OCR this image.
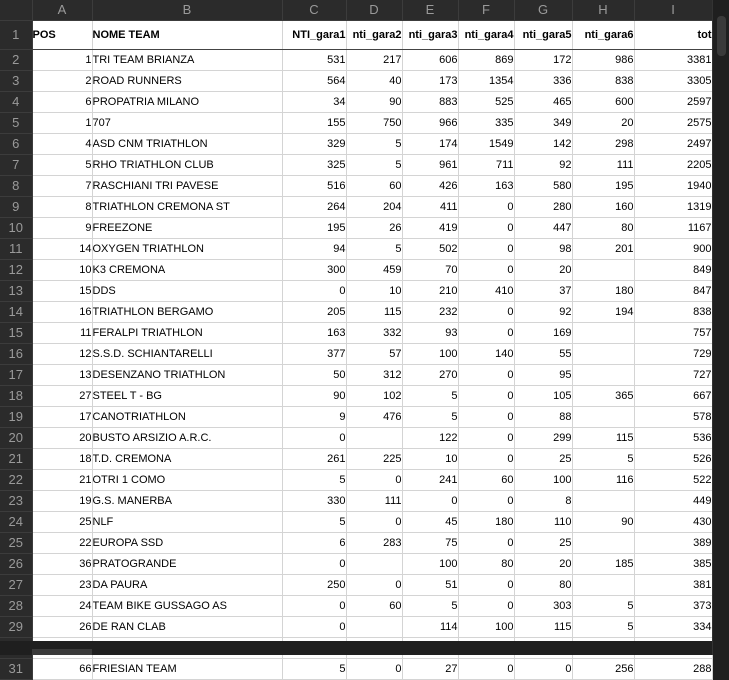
	A	B	C	D	E	F	G	H	I
1	POS	NOME TEAM	NTI_gara1	nti_gara2	nti_gara3	nti_gara4	nti_gara5	nti_gara6	tot
2	1	TRI TEAM BRIANZA	531	217	606	869	172	986	3381
3	2	ROAD RUNNERS	564	40	173	1354	336	838	3305
4	6	PROPATRIA MILANO	34	90	883	525	465	600	2597
5	1	707	155	750	966	335	349	20	2575
6	4	ASD CNM TRIATHLON	329	5	174	1549	142	298	2497
7	5	RHO TRIATHLON CLUB	325	5	961	711	92	111	2205
8	7	RASCHIANI TRI PAVESE	516	60	426	163	580	195	1940
9	8	TRIATHLON CREMONA ST	264	204	411	0	280	160	1319
10	9	FREEZONE	195	26	419	0	447	80	1167
11	14	OXYGEN TRIATHLON	94	5	502	0	98	201	900
12	10	K3 CREMONA	300	459	70	0	20		849
13	15	DDS	0	10	210	410	37	180	847
14	16	TRIATHLON BERGAMO	205	115	232	0	92	194	838
15	11	FERALPI TRIATHLON	163	332	93	0	169		757
16	12	S.S.D. SCHIANTARELLI	377	57	100	140	55		729
17	13	DESENZANO TRIATHLON	50	312	270	0	95		727
18	27	STEEL T - BG	90	102	5	0	105	365	667
19	17	CANOTRIATHLON	9	476	5	0	88		578
20	20	BUSTO ARSIZIO A.R.C.	0		122	0	299	115	536
21	18	T.D. CREMONA	261	225	10	0	25	5	526
22	21	OTRI 1 COMO	5	0	241	60	100	116	522
23	19	G.S. MANERBA	330	111	0	0	8		449
24	25	NLF	5	0	45	180	110	90	430
25	22	EUROPA SSD	6	283	75	0	25		389
26	36	PRATOGRANDE	0		100	80	20	185	385
27	23	DA PAURA	250	0	51	0	80		381
28	24	TEAM BIKE GUSSAGO AS	0	60	5	0	303	5	373
29	26	DE RAN CLAB	0		114	100	115	5	334

31	66	FRIESIAN TEAM	5	0	27	0	0	256	288
